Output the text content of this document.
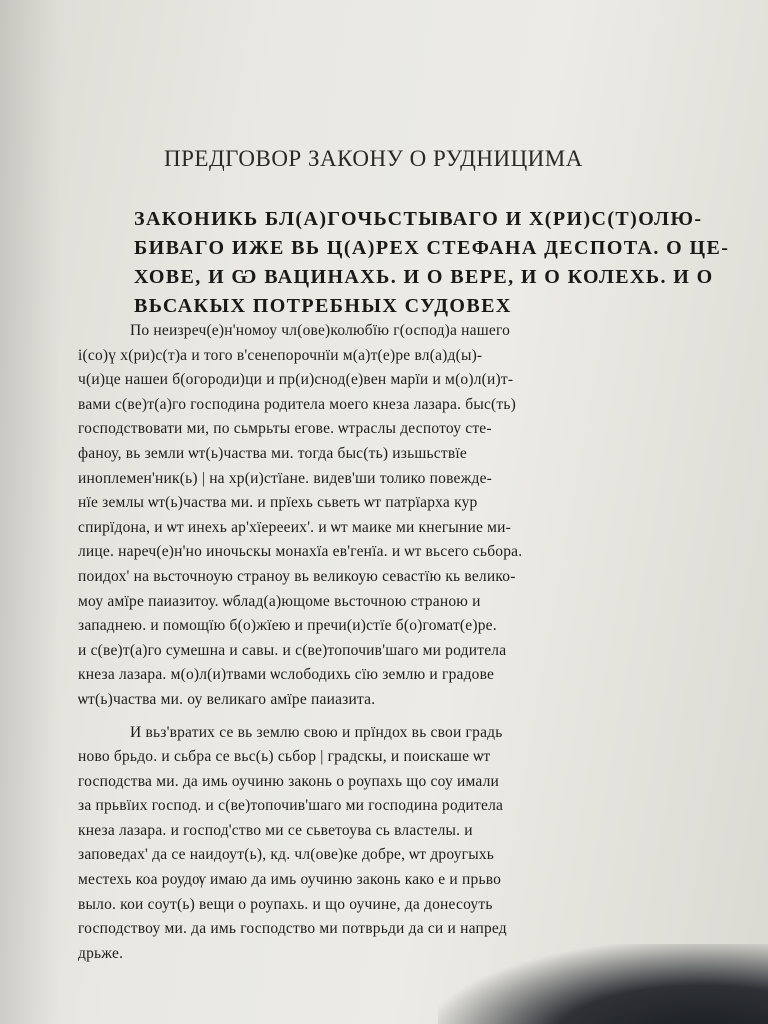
ПРЕДГОВОР ЗАКОНУ О РУДНИЦИМА
ЗАКОНИКЬ БЛ(А)ГОЧЬСТЫВАГО И Х(РИ)С(Т)ОЛЮ-
БИВАГО ИЖЕ ВЬ Ц(А)РЕХ СТЕФАНА ДЕСПОТА. О ЦЕ-
ХОВЕ, И Ѡ ВАЦИНАХЬ. И О ВЕРЕ, И О КОЛЕХЬ. И О
ВЬСАКЫХ ПОТРЕБНЫХ СУДОВЕХ
По неизреч(е)н'номоу чл(ове)колюбїю г(оспод)а нашего
і(со)ү х(ри)с(т)а и того в'сенепорочнїи м(а)т(е)ре вл(а)д(ы)-
ч(и)це нашеи б(огороди)ци и пр(и)снод(е)вен марїи и м(о)л(и)т-
вами с(ве)т(а)го господина родитела моего кнеза лазара. быс(ть)
господствовати ми, по сьмрьты егове. ѡтраслы деспотоу сте-
фаноу, вь земли ѡт(ь)частва ми. тогда быс(ть) изьшьствїе
иноплемен'ник(ь) | на хр(и)стїане. видев'ши толико повежде-
нїе землы ѡт(ь)частва ми. и прїехь сьветь ѡт патрїарха кур
спирїдона, и ѡт инехь ар'хїерееих'. и ѡт маике ми кнегыние ми-
лице. нареч(е)н'но иночьскы монахїа ев'генїа. и ѡт вьсего сьбора.
поидох' на вьсточноую страноу вь великоую севастїю кь велико-
моу амїре паиазитоу. ѡблад(а)ющоме вьсточною страною и
западнею. и помощїю б(о)жїею и пречи(и)стїе б(о)гомат(е)ре.
и с(ве)т(а)го сумешна и савы. и с(ве)топочив'шаго ми родитела
кнеза лазара. м(о)л(и)твами ѡслободихь сїю землю и градове
ѡт(ь)частва ми. оу великаго амїре паиазита.
И вьз'вратих се вь землю свою и прїндох вь свои градь
ново брьдо. и сьбра се вьс(ь) сьбор | градскы, и поискаше ѡт
господства ми. да имь оучиню законь о роупахь що соу имали
за прьвїих господ. и с(ве)топочив'шаго ми господина родитела
кнеза лазара. и господ'ство ми се сьветоува сь властелы. и
заповедах' да се наидоут(ь), кд. чл(ове)ке добре, ѡт дроугыхь
местехь коа роудѹ имаю да имь оучиню законь како е и прьво
выло. кои соут(ь) вещи о роупахь. и що оучине, да донесоуть
господствоу ми. да имь господство ми потврьди да си и напред
дрьже.
